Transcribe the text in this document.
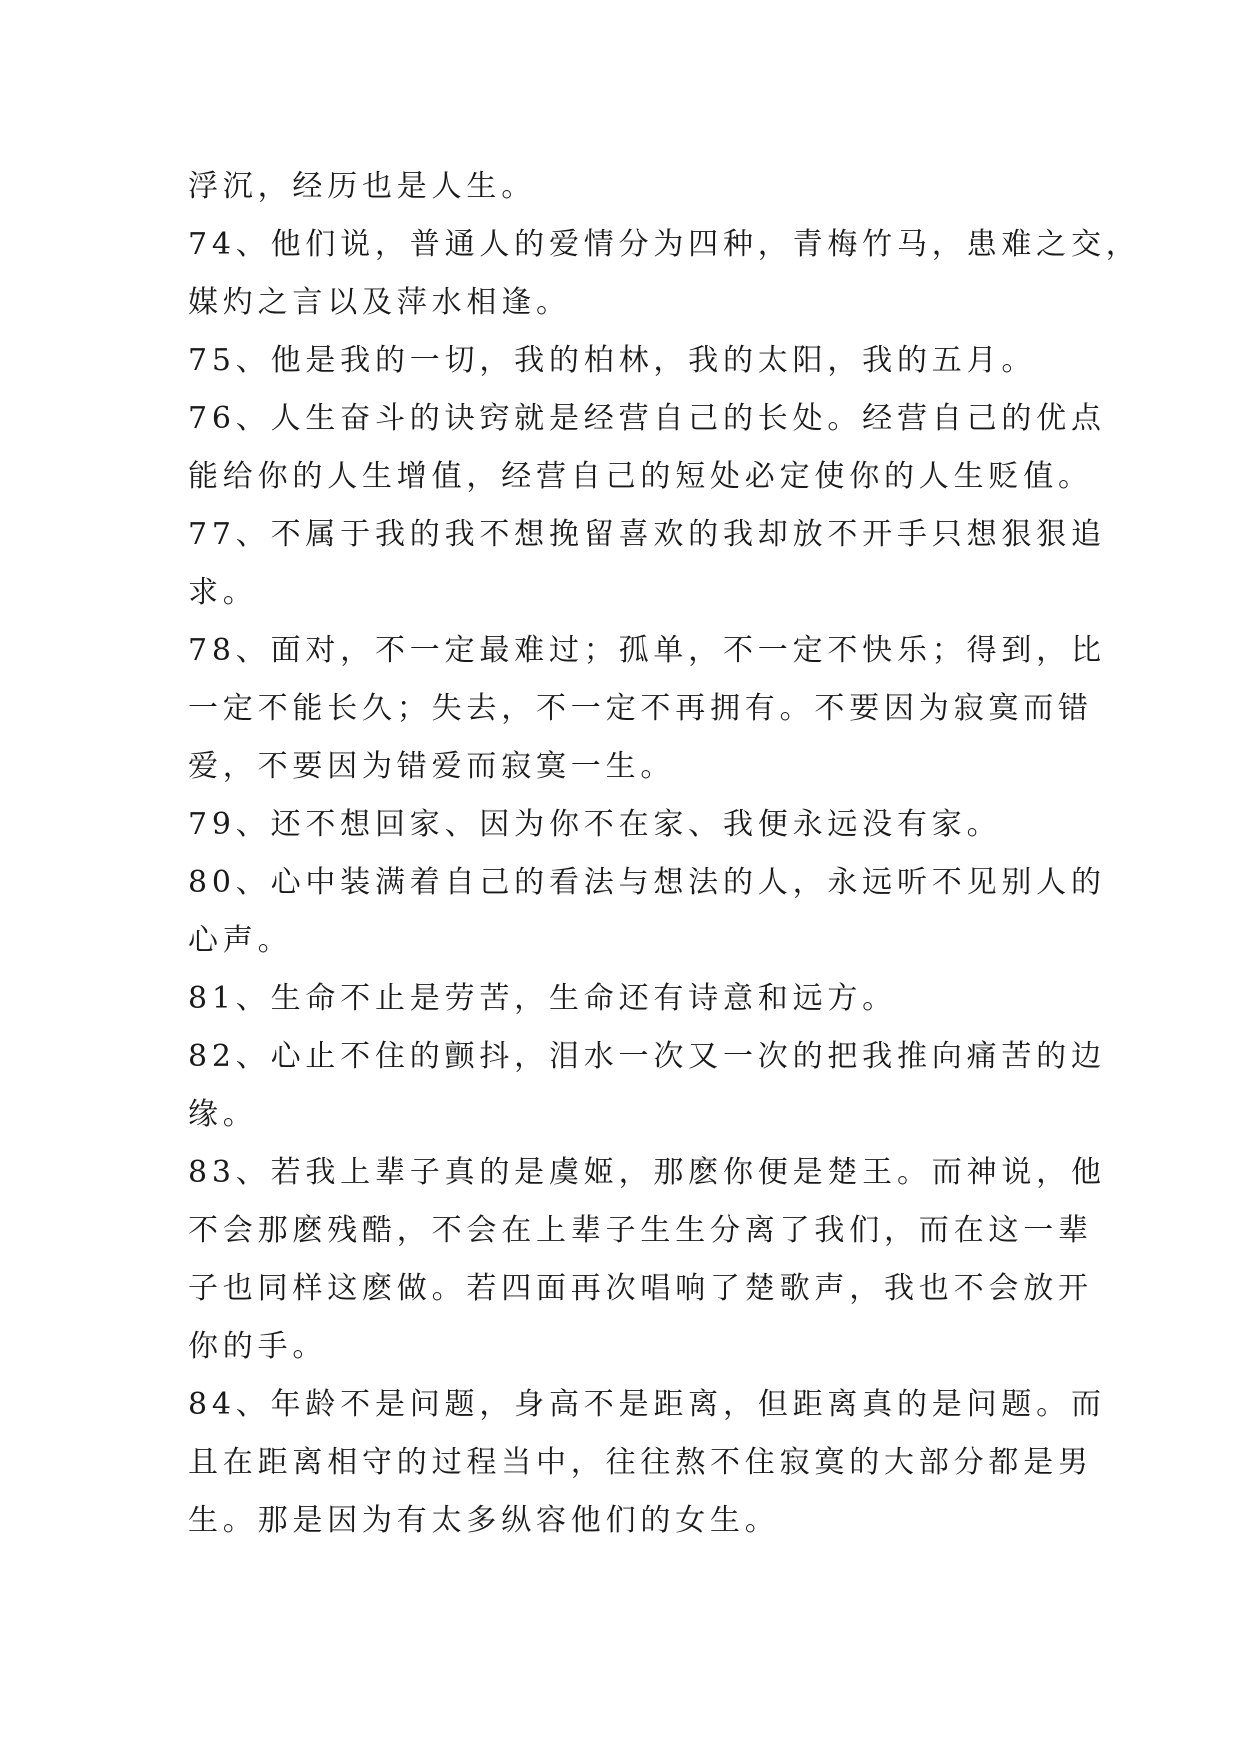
浮沉，经历也是人生。

74、他们说，普通人的爱情分为四种，青梅竹马，患难之交，

媒灼之言以及萍水相逢。

75、他是我的一切，我的柏林，我的太阳，我的五月。

76、人生奋斗的诀窍就是经营自己的长处。经营自己的优点

能给你的人生增值，经营自己的短处必定使你的人生贬值。

77、不属于我的我不想挽留喜欢的我却放不开手只想狠狠追

求。

78、面对，不一定最难过；孤单，不一定不快乐；得到，比

一定不能长久；失去，不一定不再拥有。不要因为寂寞而错

爱，不要因为错爱而寂寞一生。

79、还不想回家、因为你不在家、我便永远没有家。

80、心中装满着自己的看法与想法的人，永远听不见别人的

心声。

81、生命不止是劳苦，生命还有诗意和远方。

82、心止不住的颤抖，泪水一次又一次的把我推向痛苦的边

缘。

83、若我上辈子真的是虞姬，那麽你便是楚王。而神说，他

不会那麽残酷，不会在上辈子生生分离了我们，而在这一辈

子也同样这麽做。若四面再次唱响了楚歌声，我也不会放开

你的手。

84、年龄不是问题，身高不是距离，但距离真的是问题。而

且在距离相守的过程当中，往往熬不住寂寞的大部分都是男

生。那是因为有太多纵容他们的女生。
